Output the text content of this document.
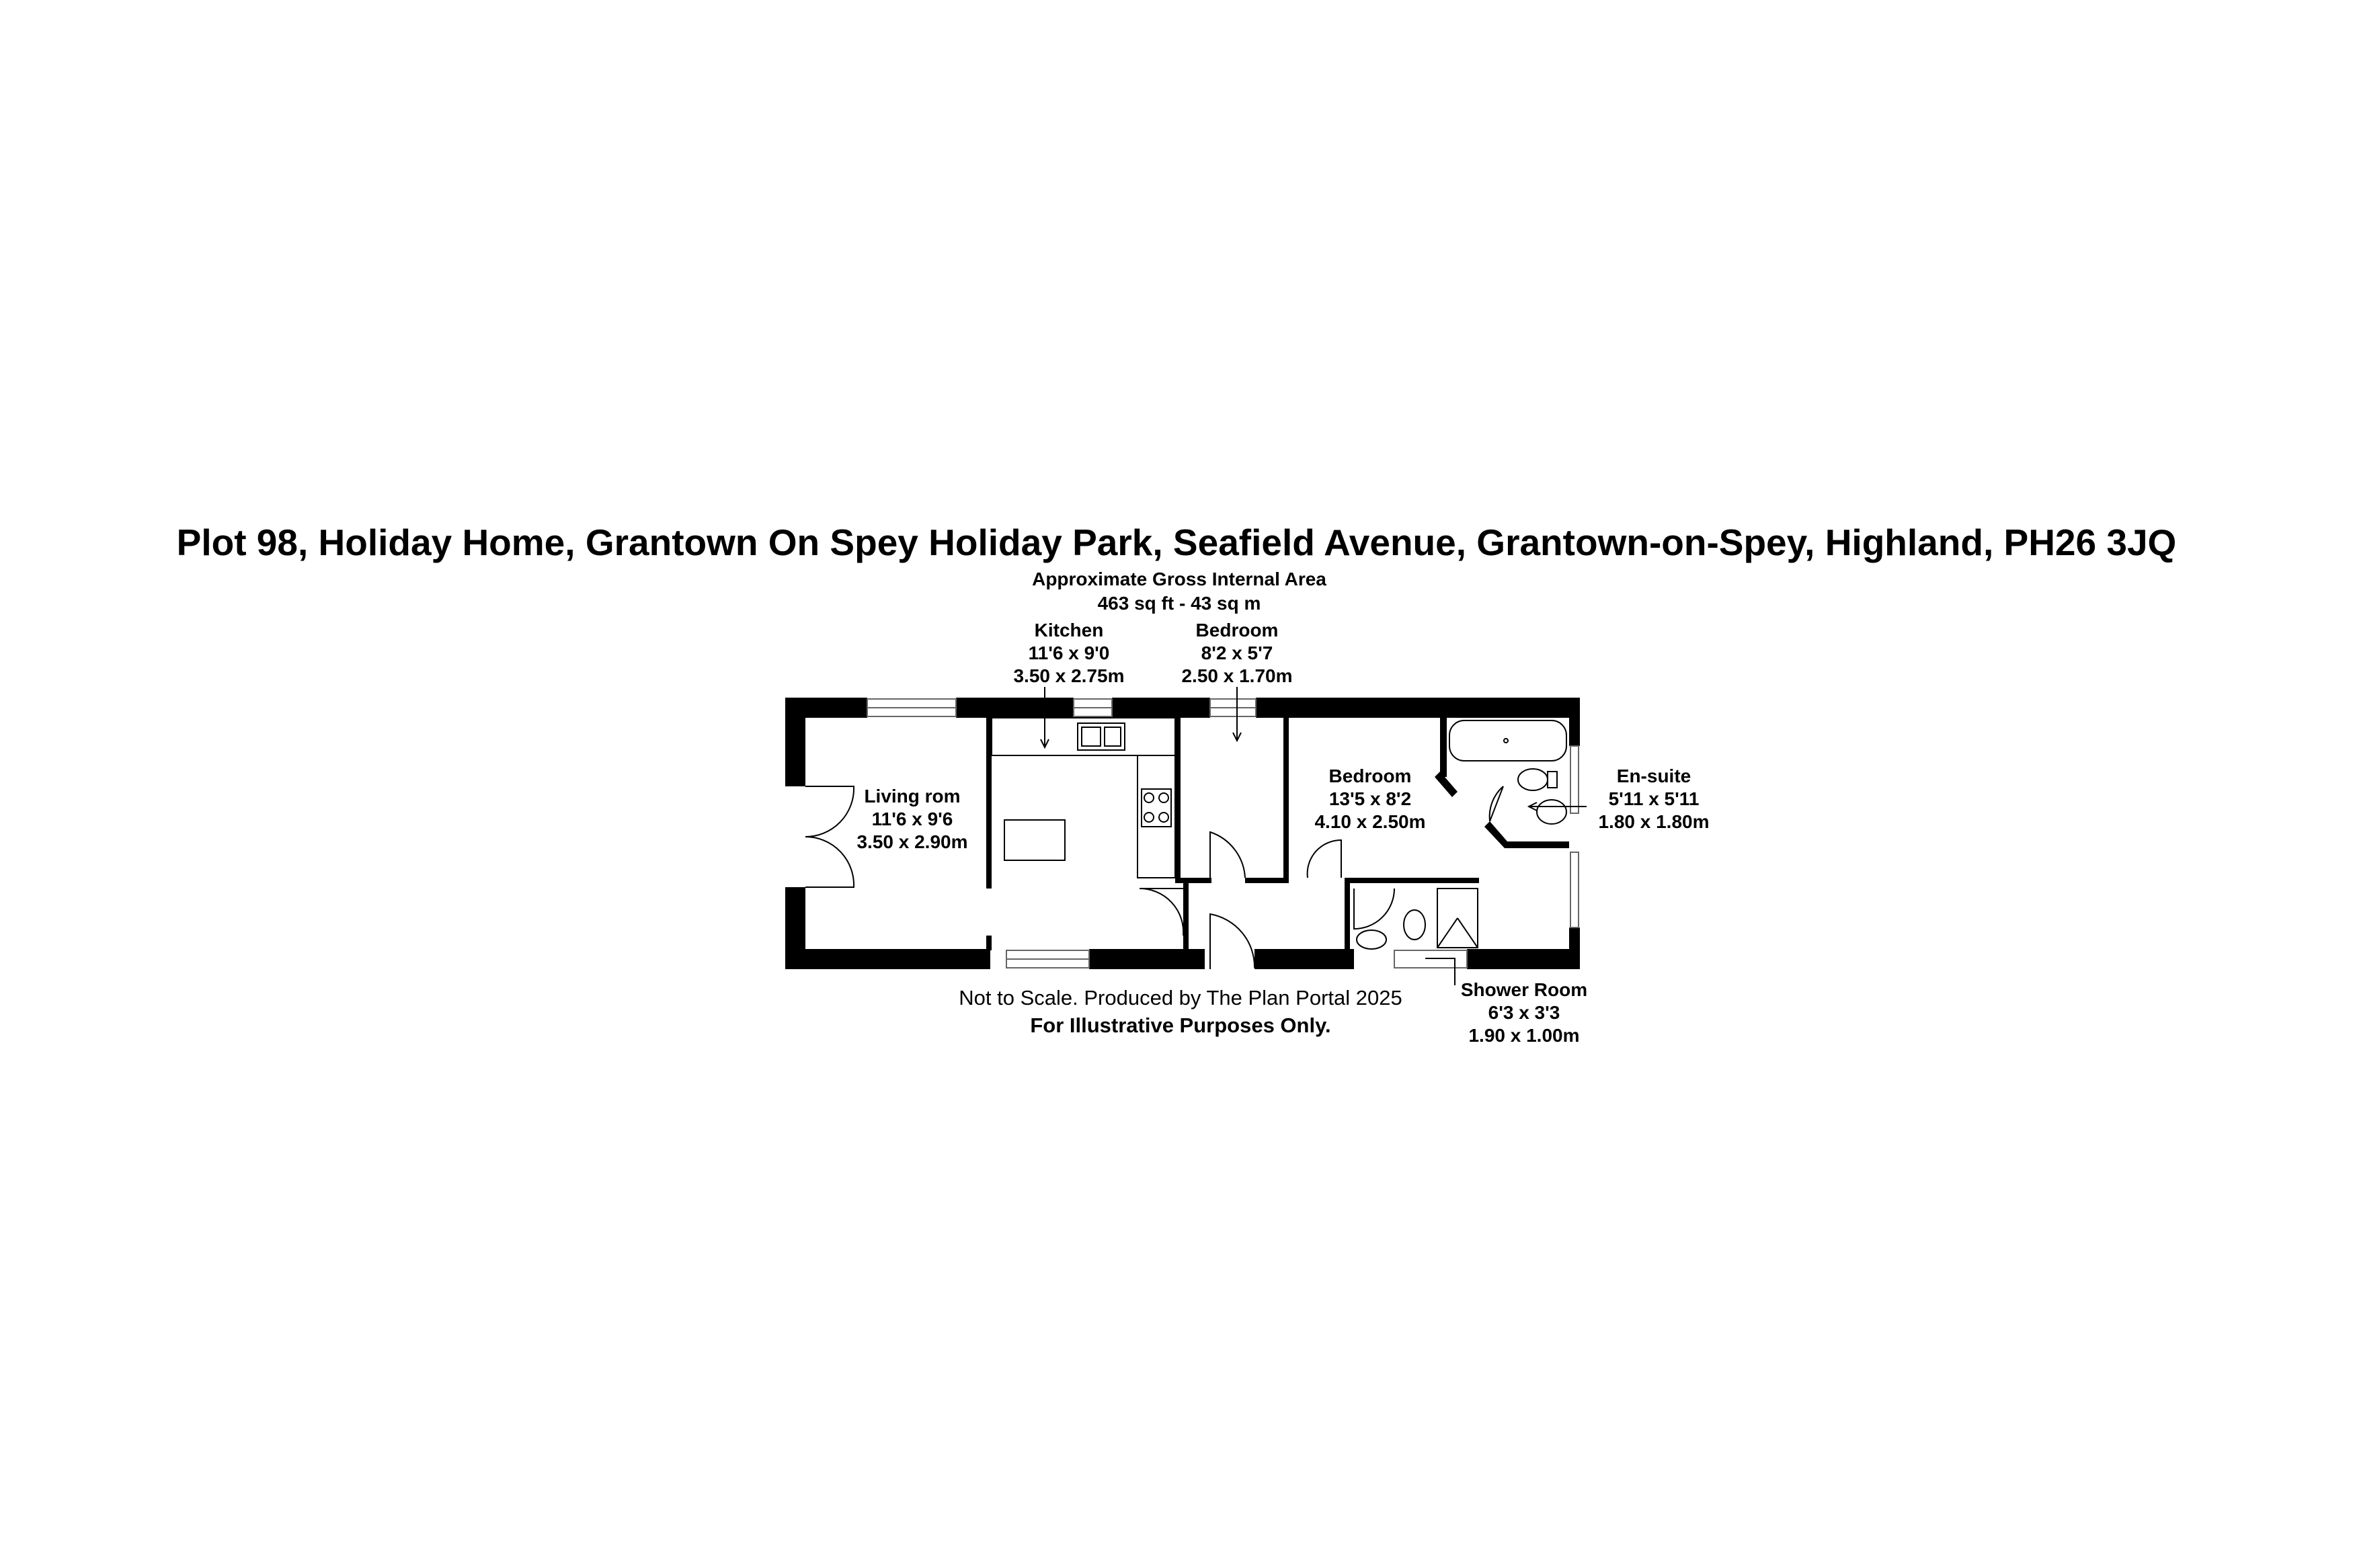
Plot 98, Holiday Home, Grantown On Spey Holiday Park, Seafield Avenue, Grantown-on-Spey, Highland, PH26 3JQ
Approximate Gross Internal Area
463 sq ft - 43 sq m
Kitchen
11'6 x 9'0
3.50 x 2.75m
Bedroom
8'2 x 5'7
2.50 x 1.70m
Living rom
11'6 x 9'6
3.50 x 2.90m
Bedroom
13'5 x 8'2
4.10 x 2.50m
En-suite
5'11 x 5'11
1.80 x 1.80m
Shower Room
6'3 x 3'3
1.90 x 1.00m
Not to Scale. Produced by The Plan Portal 2025
For Illustrative Purposes Only.
